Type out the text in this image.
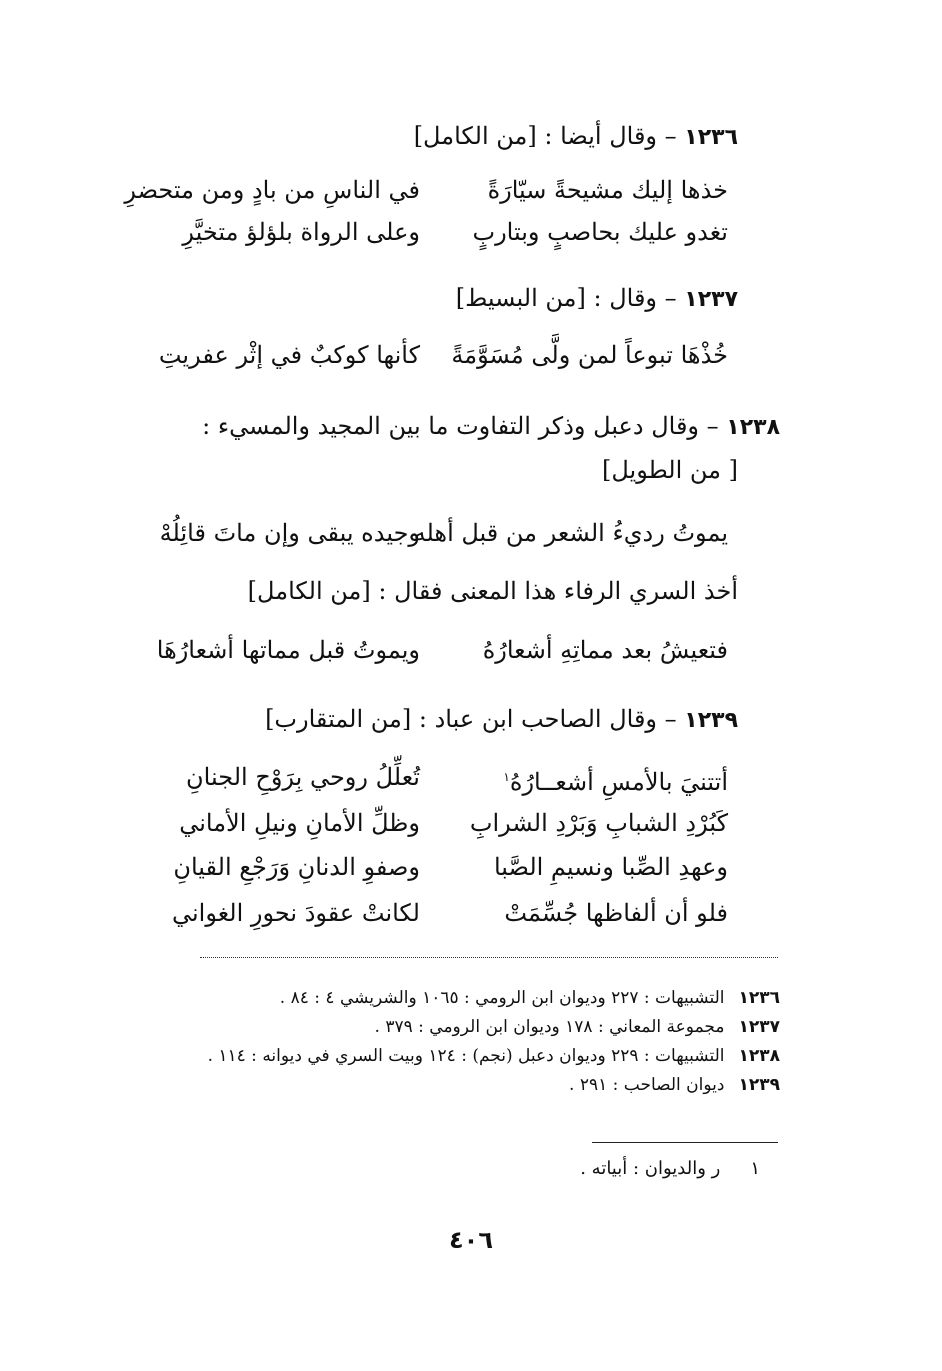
١٢٣٦ – وقال أيضا : [من الكامل]
خذها إليك مشيحةً سيّارَةً
في الناسِ من بادٍ ومن متحضرِ
تغدو عليك بحاصبٍ وبتاربٍ
وعلى الرواة بلؤلؤ متخيَّرِ
١٢٣٧ – وقال : [من البسيط]
خُذْهَا تبوعاً لمن ولَّى مُسَوَّمَةً
كأنها كوكبٌ في إثْر عفريتِ
١٢٣٨ – وقال دعبل وذكر التفاوت ما بين المجيد والمسيء :
[ من الطويل]
يموتُ رديءُ الشعر من قبل أهله
وجيده يبقى وإن ماتَ قائِلُهْ
أخذ السري الرفاء هذا المعنى فقال : [من الكامل]
فتعيشُ بعد مماتِهِ أشعارُهُ
ويموتُ قبل مماتها أشعارُهَا
١٢٣٩ – وقال الصاحب ابن عباد : [من المتقارب]
أتتنيَ بالأمسِ أشعــارُهُ$^١$
تُعلِّلُ روحي بِرَوْحِ الجنانِ
كَبُرْدِ الشبابِ وَبَرْدِ الشرابِ
وظلِّ الأمانِ ونيلِ الأماني
وعهدِ الصِّبا ونسيمِ الصَّبا
وصفوِ الدنانِ وَرَجْعِ القيانِ
فلو أن ألفاظها جُسِّمَتْ
لكانتْ عقودَ نحورِ الغواني
١٢٣٦التشبيهات : ٢٢٧ وديوان ابن الرومي : ١٠٦٥ والشريشي ٤ : ٨٤ .
١٢٣٧مجموعة المعاني : ١٧٨ وديوان ابن الرومي : ٣٧٩ .
١٢٣٨التشبيهات : ٢٢٩ وديوان دعبل (نجم) : ١٢٤ وبيت السري في ديوانه : ١١٤ .
١٢٣٩ديوان الصاحب : ٢٩١ .
١ر والديوان : أبياته .
٤٠٦
